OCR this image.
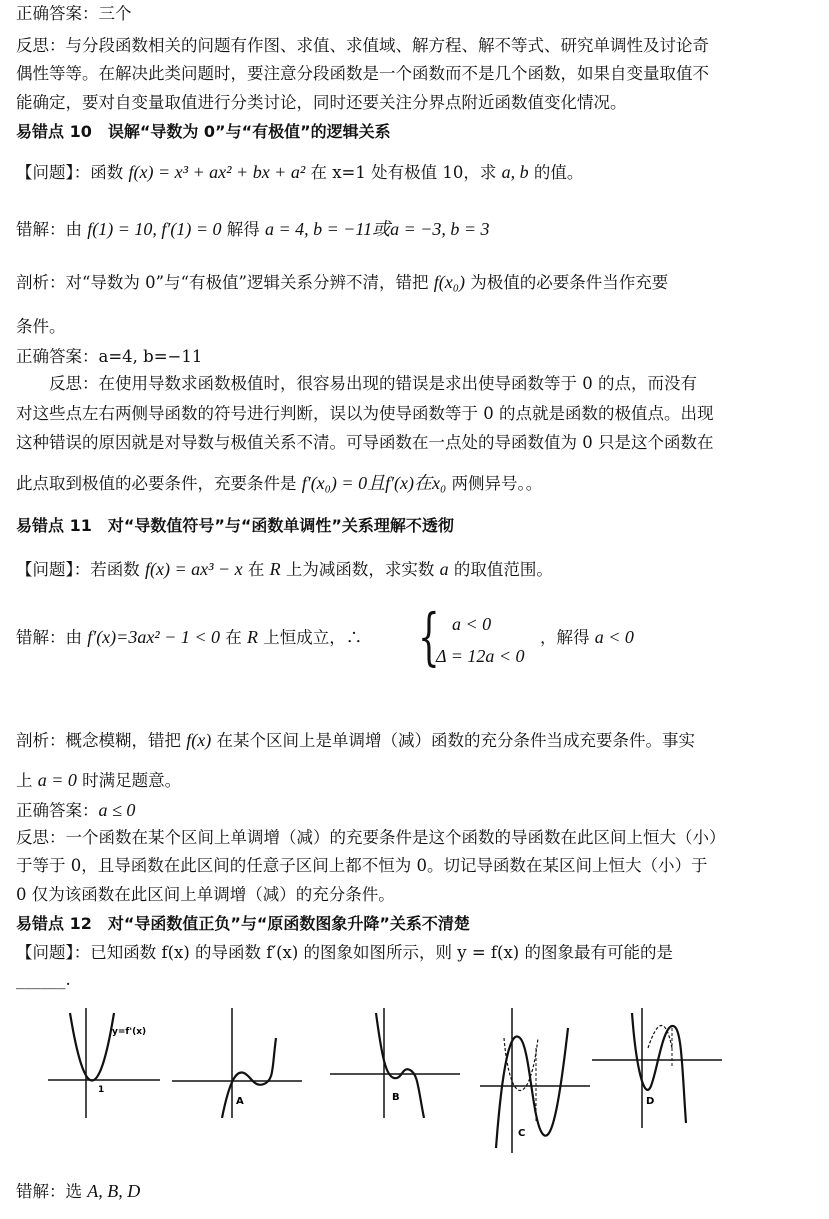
正确答案：三个
反思：与分段函数相关的问题有作图、求值、求值域、解方程、解不等式、研究单调性及讨论奇
偶性等等。在解决此类问题时，要注意分段函数是一个函数而不是几个函数，如果自变量取值不
能确定，要对自变量取值进行分类讨论，同时还要关注分界点附近函数值变化情况。
易错点 10　误解“导数为 0”与“有极值”的逻辑关系
【问题】：函数 f(x) = x³ + ax² + bx + a² 在 x=1 处有极值 10，求 a, b 的值。
错解：由 f(1) = 10, f′(1) = 0 解得 a = 4, b = −11或a = −3, b = 3
剖析：对“导数为 0”与“有极值”逻辑关系分辨不清，错把 f(x₀) 为极值的必要条件当作充要
条件。
正确答案：a=4, b=−11
反思：在使用导数求函数极值时，很容易出现的错误是求出使导函数等于 0 的点，而没有
对这些点左右两侧导函数的符号进行判断，误以为使导函数等于 0 的点就是函数的极值点。出现
这种错误的原因就是对导数与极值关系不清。可导函数在一点处的导函数值为 0 只是这个函数在
此点取到极值的必要条件，充要条件是 f′(x₀) = 0且f′(x)在x₀ 两侧异号。。
易错点 11　对“导数值符号”与“函数单调性”关系理解不透彻
【问题】：若函数 f(x) = ax³ − x 在 R 上为减函数，求实数 a 的取值范围。
错解：由 f′(x)=3ax² − 1 < 0 在 R 上恒成立，∴ { a < 0
Δ = 12a < 0
，解得 a < 0
剖析：概念模糊，错把 f(x) 在某个区间上是单调增（减）函数的充分条件当成充要条件。事实
上 a = 0 时满足题意。
正确答案：a ≤ 0
反思：一个函数在某个区间上单调增（减）的充要条件是这个函数的导函数在此区间上恒大（小）
于等于 0，且导函数在此区间的任意子区间上都不恒为 0。切记导函数在某区间上恒大（小）于
0 仅为该函数在此区间上单调增（减）的充分条件。
易错点 12　对“导函数值正负”与“原函数图象升降”关系不清楚
【问题】：已知函数 f(x) 的导函数 f′(x) 的图象如图所示，则 y = f(x) 的图象最有可能的是
______.
y=f'(x)
1
A	B
C
D
错解：选 A, B, D
